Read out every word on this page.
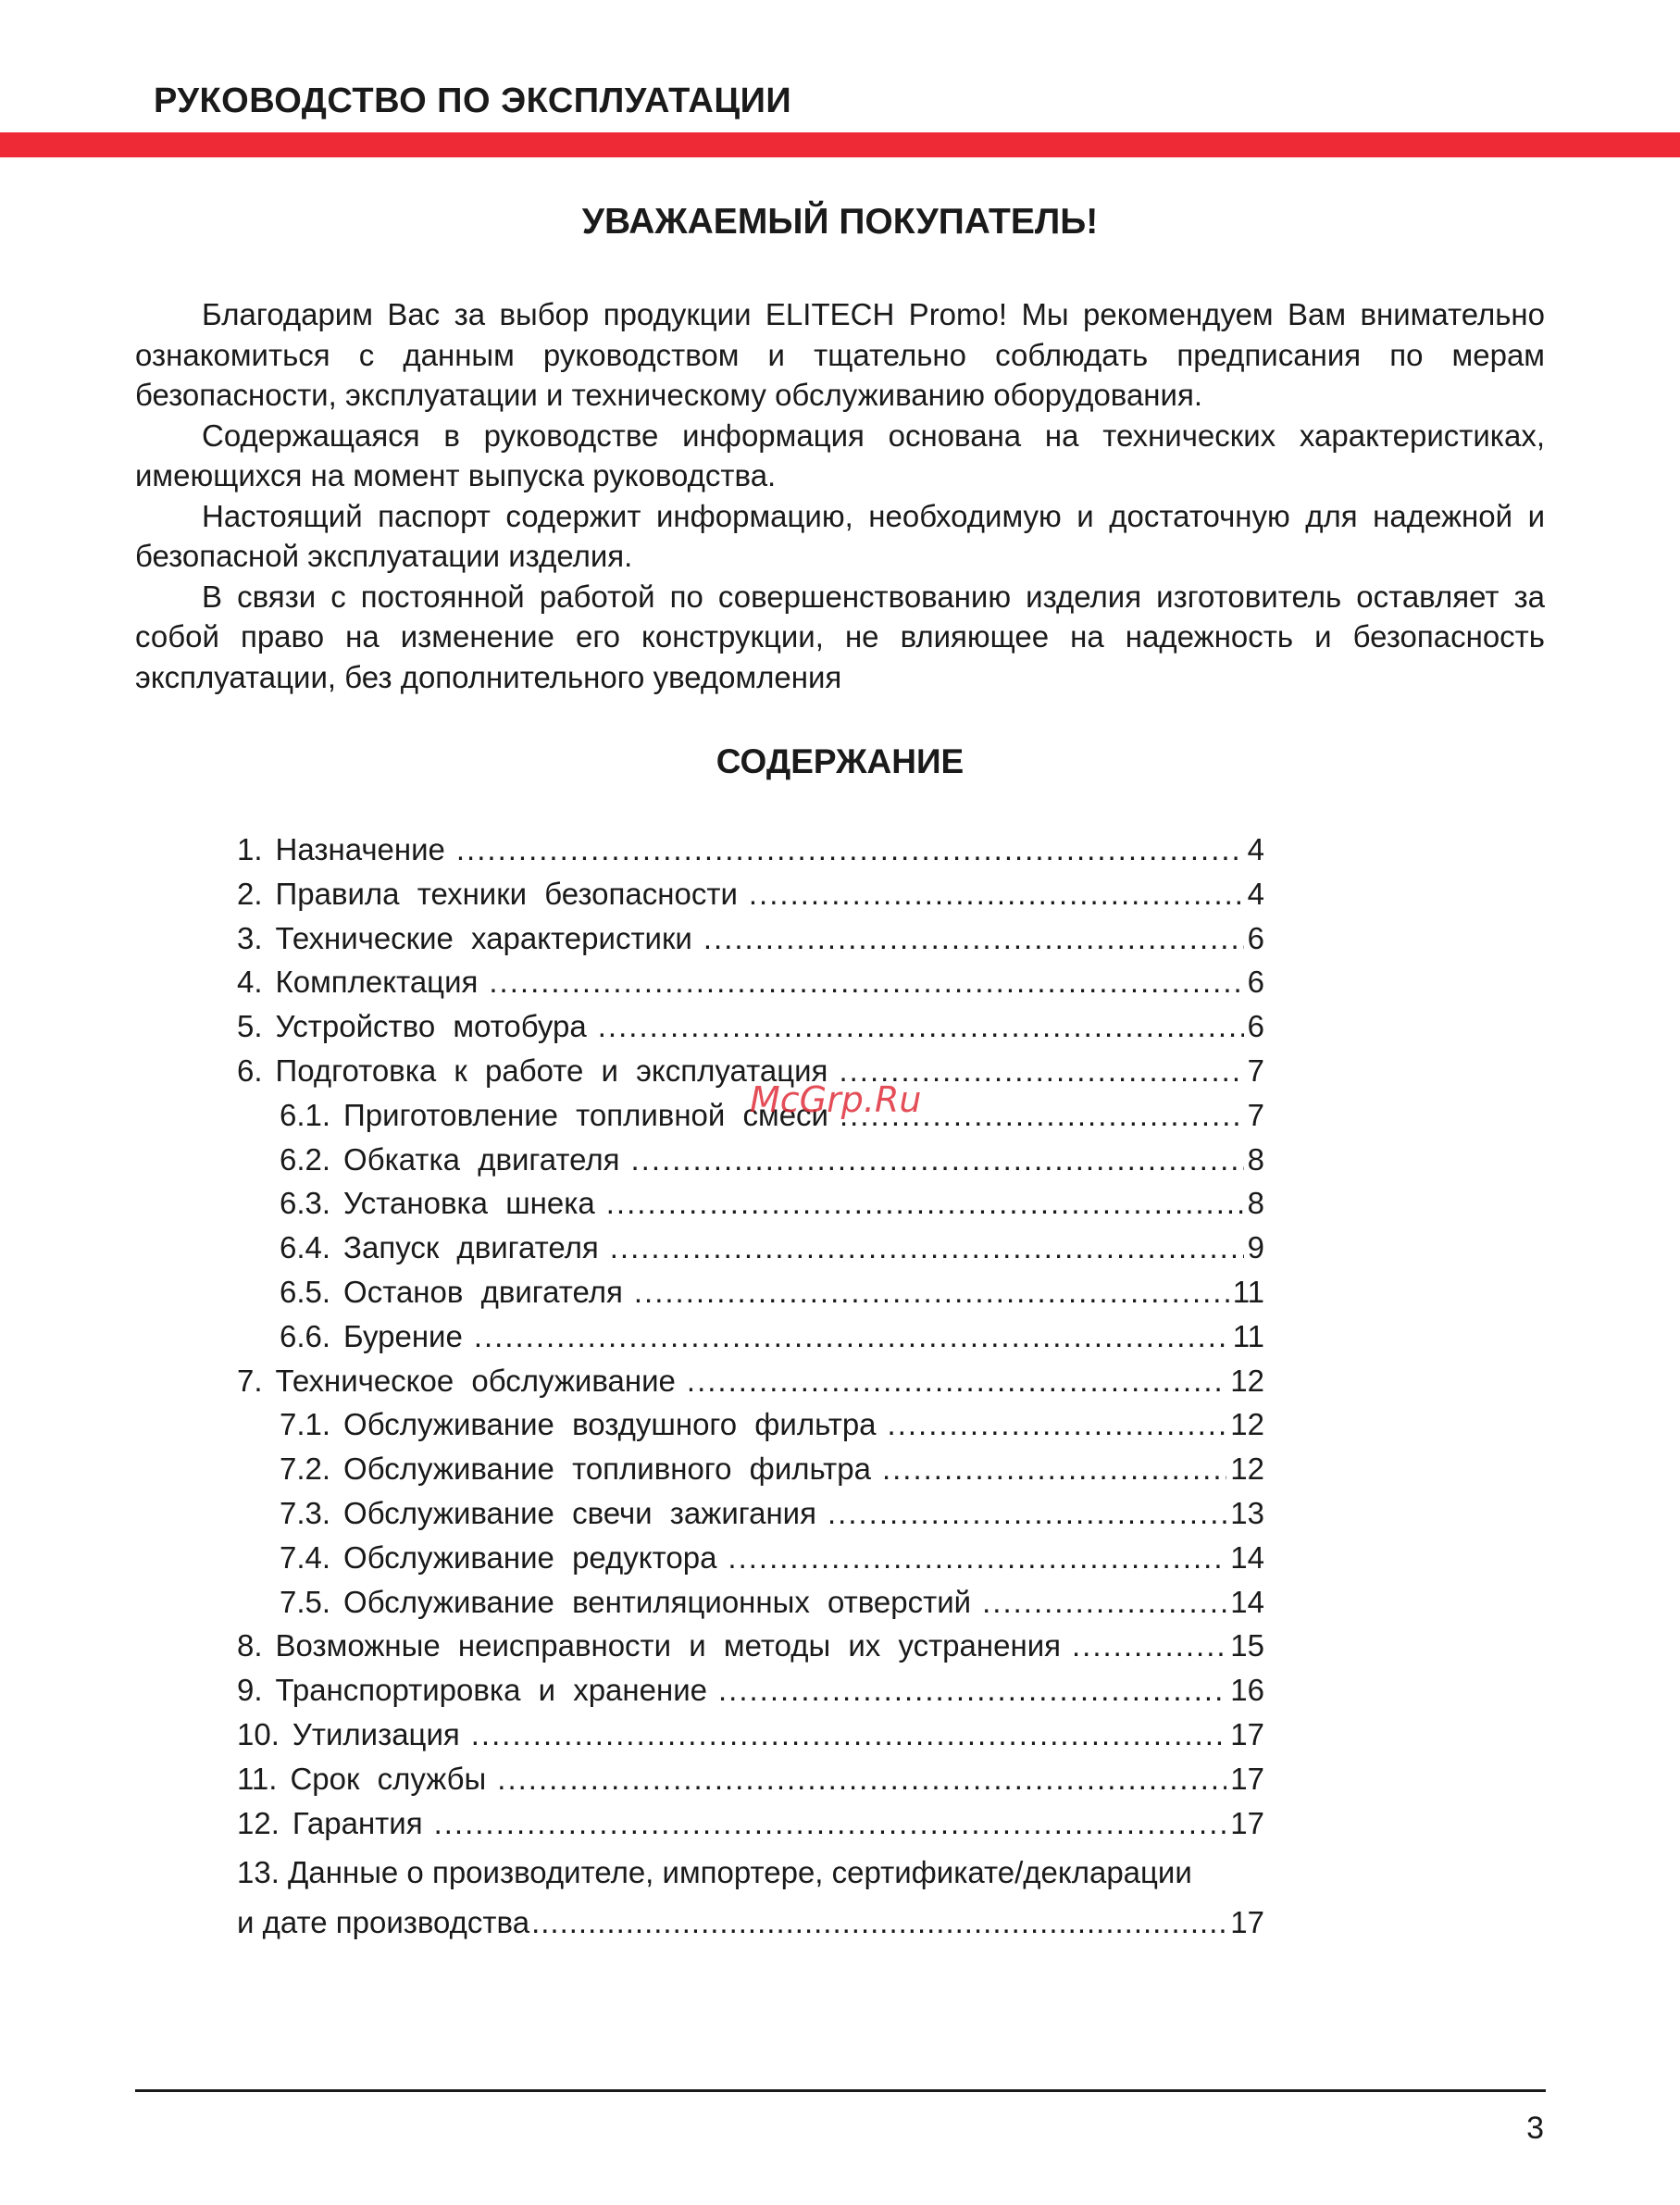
РУКОВОДСТВО ПО ЭКСПЛУАТАЦИИ
УВАЖАЕМЫЙ ПОКУПАТЕЛЬ!

Благодарим Вас за выбор продукции ELITECH Promo! Мы рекомендуем Вам внимательно ознакомиться с данным руководством и тщательно соблюдать предписания по мерам безопасности, эксплуатации и техническому обслуживанию оборудования.

Содержащаяся в руководстве информация основана на технических характеристиках, имеющихся на момент выпуска руководства.

Настоящий паспорт содержит информацию, необходимую и достаточную для надежной и безопасной эксплуатации изделия.

В связи с постоянной работой по совершенствованию изделия изготовитель оставляет за собой право на изменение его конструкции, не влияющее на надежность и безопасность эксплуатации, без дополнительного уведомления

СОДЕРЖАНИЕ
1. Назначение .....	4
2. Правила техники безопасности .....	4
3. Технические характеристики .....	6
4. Комплектация .....	6
5. Устройство мотобура .....	6
6. Подготовка к работе и эксплуатация .....	7
6.1. Приготовление топливной смеси .....	7
6.2. Обкатка двигателя .....	8
6.3. Установка шнека .....	8
6.4. Запуск двигателя .....	9
6.5. Останов двигателя .....	11
6.6. Бурение .....	11
7. Техническое обслуживание .....	12
7.1. Обслуживание воздушного фильтра .....	12
7.2. Обслуживание топливного фильтра .....	12
7.3. Обслуживание свечи зажигания .....	13
7.4. Обслуживание редуктора .....	14
7.5. Обслуживание вентиляционных отверстий .....	14
8. Возможные неисправности и методы их устранения .....	15
9. Транспортировка и хранение .....	16
10. Утилизация .....	17
11. Срок службы .....	17
12. Гарантия .....	17
13. Данные о производителе, импортере, сертификате/декларации
и дате производства .....	17
McGrp.Ru
3
